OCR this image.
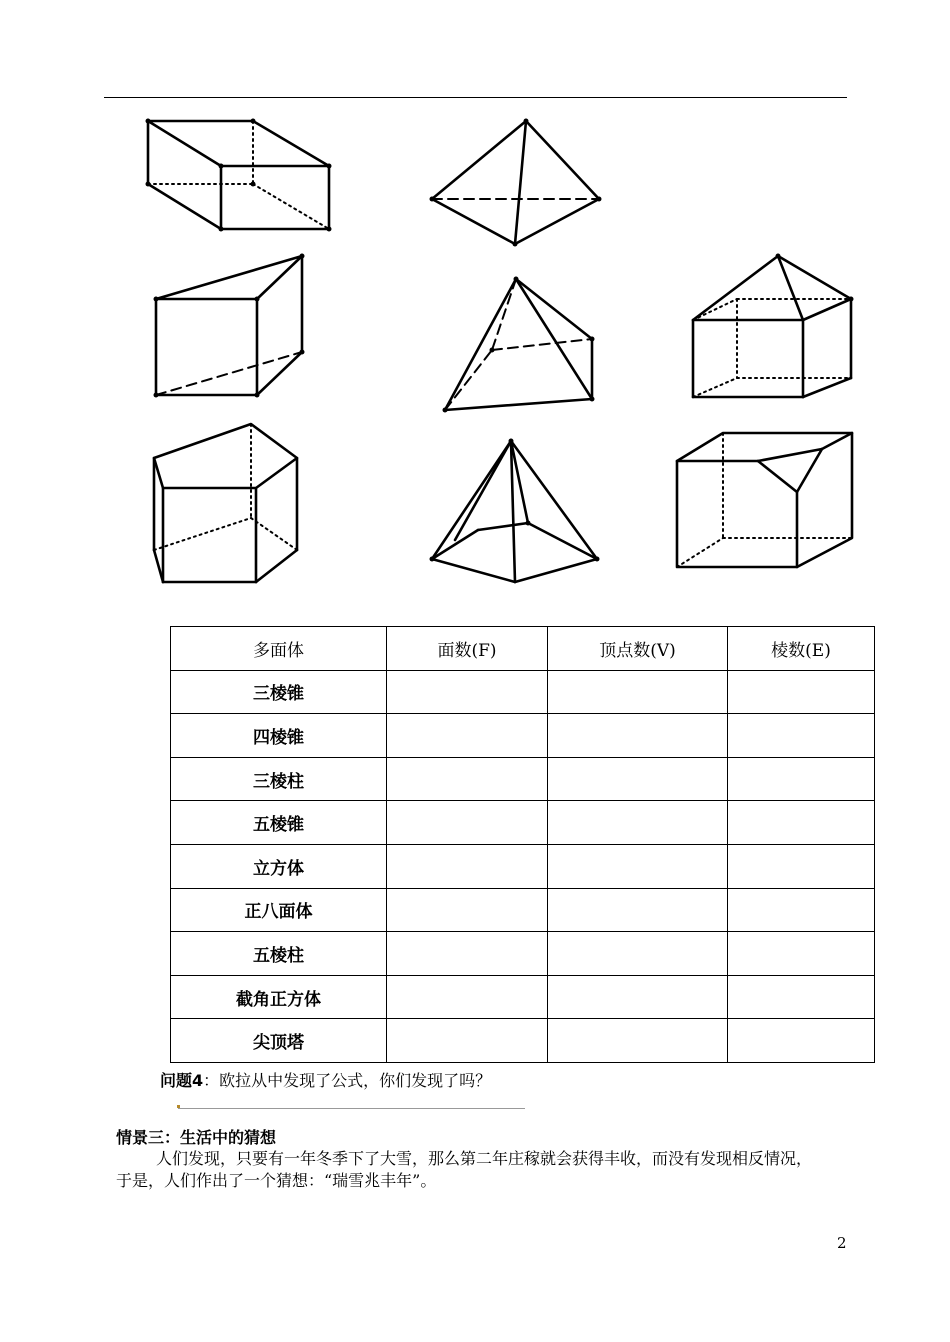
多面体	面数(F)	顶点数(V)	棱数(E)
三棱锥			
四棱锥			
三棱柱			
五棱锥			
立方体			
正八面体			
五棱柱			
截角正方体			
尖顶塔			
问题4：欧拉从中发现了公式，你们发现了吗？
情景三：生活中的猜想
人们发现，只要有一年冬季下了大雪，那么第二年庄稼就会获得丰收，而没有发现相反情况，于是，人们作出了一个猜想：“瑞雪兆丰年”。
2
